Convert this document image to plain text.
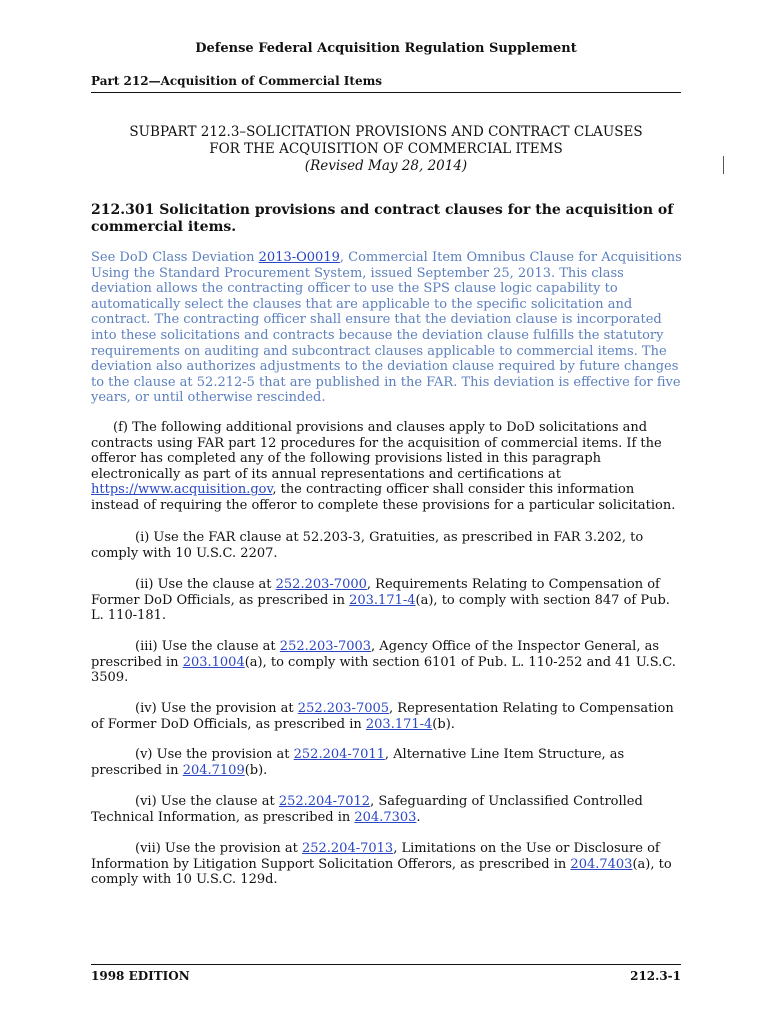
Defense Federal Acquisition Regulation Supplement
Part 212—Acquisition of Commercial Items
SUBPART 212.3–SOLICITATION PROVISIONS AND CONTRACT CLAUSES
FOR THE ACQUISITION OF COMMERCIAL ITEMS
(Revised May 28, 2014)
212.301 Solicitation provisions and contract clauses for the acquisition of commercial items.
See DoD Class Deviation 2013-O0019, Commercial Item Omnibus Clause for Acquisitions Using the Standard Procurement System, issued September 25, 2013. This class deviation allows the contracting officer to use the SPS clause logic capability to automatically select the clauses that are applicable to the specific solicitation and contract. The contracting officer shall ensure that the deviation clause is incorporated into these solicitations and contracts because the deviation clause fulfills the statutory requirements on auditing and subcontract clauses applicable to commercial items. The deviation also authorizes adjustments to the deviation clause required by future changes to the clause at 52.212-5 that are published in the FAR. This deviation is effective for five years, or until otherwise rescinded.
(f) The following additional provisions and clauses apply to DoD solicitations and contracts using FAR part 12 procedures for the acquisition of commercial items. If the offeror has completed any of the following provisions listed in this paragraph electronically as part of its annual representations and certifications at https://www.acquisition.gov, the contracting officer shall consider this information instead of requiring the offeror to complete these provisions for a particular solicitation.
(i) Use the FAR clause at 52.203-3, Gratuities, as prescribed in FAR 3.202, to comply with 10 U.S.C. 2207.
(ii) Use the clause at 252.203-7000, Requirements Relating to Compensation of Former DoD Officials, as prescribed in 203.171-4(a), to comply with section 847 of Pub. L. 110-181.
(iii) Use the clause at 252.203-7003, Agency Office of the Inspector General, as prescribed in 203.1004(a), to comply with section 6101 of Pub. L. 110-252 and 41 U.S.C. 3509.
(iv) Use the provision at 252.203-7005, Representation Relating to Compensation of Former DoD Officials, as prescribed in 203.171-4(b).
(v) Use the provision at 252.204-7011, Alternative Line Item Structure, as prescribed in 204.7109(b).
(vi) Use the clause at 252.204-7012, Safeguarding of Unclassified Controlled Technical Information, as prescribed in 204.7303.
(vii) Use the provision at 252.204-7013, Limitations on the Use or Disclosure of Information by Litigation Support Solicitation Offerors, as prescribed in 204.7403(a), to comply with 10 U.S.C. 129d.
1998 EDITION	212.3-1
